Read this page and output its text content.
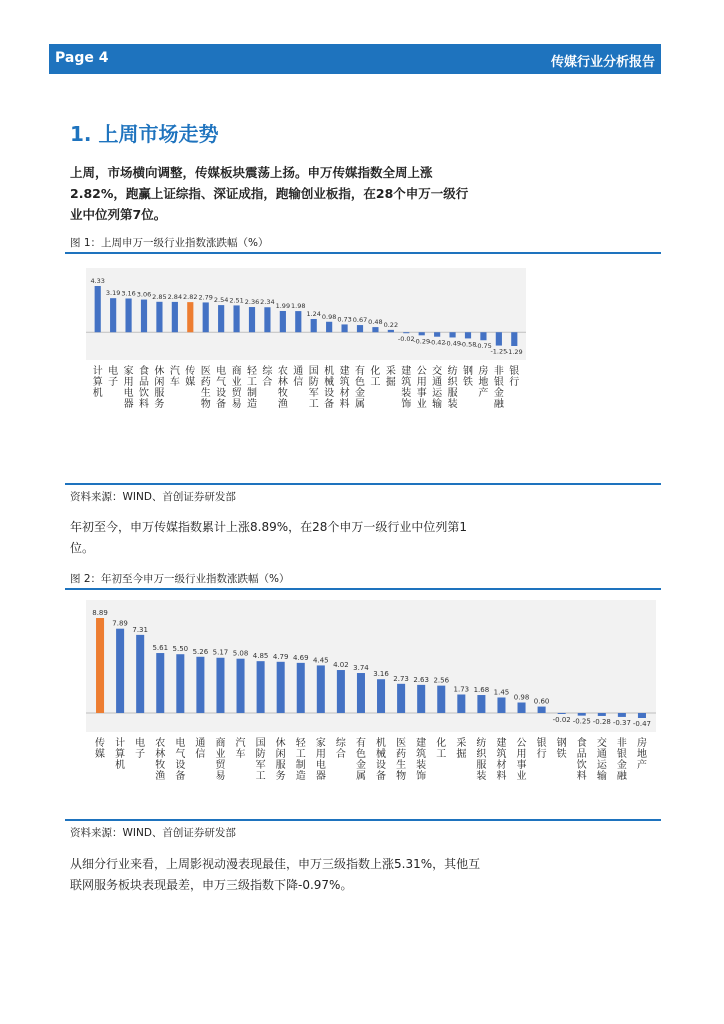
Page 4	传媒行业分析报告
1. 上周市场走势
上周，市场横向调整，传媒板块震荡上扬。申万传媒指数全周上涨2.82%，跑赢上证综指、深证成指，跑输创业板指，在28个申万一级行业中位列第7位。
图 1：上周申万一级行业指数涨跌幅（%）
4.33
计
算
机
3.19
电
子
3.16
家
用
电
器
3.06
食
品
饮
料
2.85
休
闲
服
务
2.84
汽
车
2.82
传
媒
2.79
医
药
生
物
2.54
电
气
设
备
2.51
商
业
贸
易
2.36
轻
工
制
造
2.34
综
合
1.99
农
林
牧
渔
1.98
通
信
1.24
国
防
军
工
0.98
机
械
设
备
0.73
建
筑
材
料
0.67
有
色
金
属
0.48
化
工
0.22
采
掘
-0.02
建
筑
装
饰
-0.29
公
用
事
业
-0.42
交
通
运
输
-0.49
纺
织
服
装
-0.58
钢
铁
-0.75
房
地
产
-1.25
非
银
金
融
-1.29
银
行
资料来源：WIND、首创证券研发部
年初至今，申万传媒指数累计上涨8.89%，在28个申万一级行业中位列第1位。
图 2：年初至今申万一级行业指数涨跌幅（%）
8.89
传
媒
7.89
计
算
机
7.31
电
子
5.61
农
林
牧
渔
5.50
电
气
设
备
5.26
通
信
5.17
商
业
贸
易
5.08
汽
车
4.85
国
防
军
工
4.79
休
闲
服
务
4.69
轻
工
制
造
4.45
家
用
电
器
4.02
综
合
3.74
有
色
金
属
3.16
机
械
设
备
2.73
医
药
生
物
2.63
建
筑
装
饰
2.56
化
工
1.73
采
掘
1.68
纺
织
服
装
1.45
建
筑
材
料
0.98
公
用
事
业
0.60
银
行
-0.02
钢
铁
-0.25
食
品
饮
料
-0.28
交
通
运
输
-0.37
非
银
金
融
-0.47
房
地
产
资料来源：WIND、首创证券研发部
从细分行业来看，上周影视动漫表现最佳，申万三级指数上涨5.31%，其他互联网服务板块表现最差，申万三级指数下降-0.97%。
